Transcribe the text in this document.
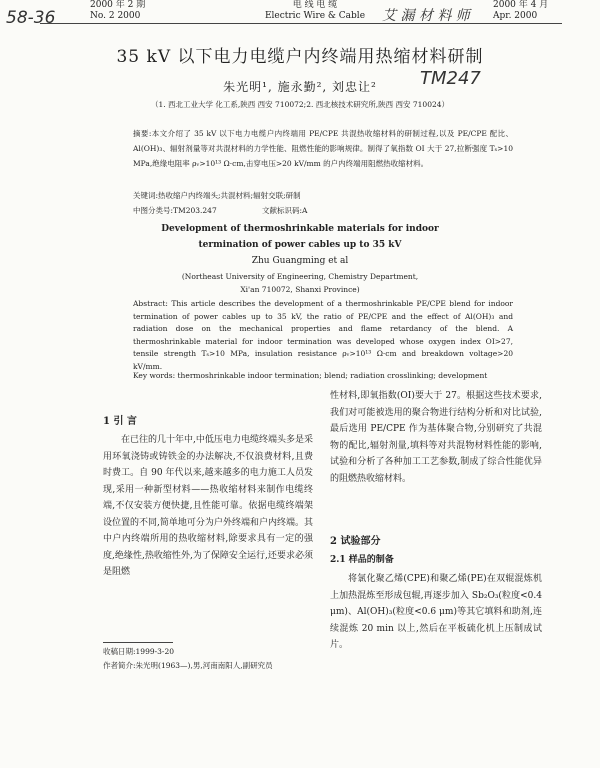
2000 年 2 期
No. 2 2000
电 线 电 缆
Electric Wire & Cable
2000 年 4 月
Apr. 2000
58-36	艾 漏 材 料 师
35 kV 以下电力电缆户内终端用热缩材料研制
朱光明¹, 施永勤², 刘忠让²	TM247
（1. 西北工业大学 化工系,陕西 西安 710072;2. 西北核技术研究所,陕西 西安 710024）
摘要:本文介绍了 35 kV 以下电力电缆户内终端用 PE/CPE 共混热收缩材料的研制过程,以及 PE/CPE 配比、Al(OH)₃、辐射剂量等对共混材料的力学性能、阻燃性能的影响规律。制得了氧指数 OI 大于 27,拉断强度 Tₛ>10 MPa,绝缘电阻率 ρᵥ>10¹³ Ω·cm,击穿电压>20 kV/mm 的户内终端用阻燃热收缩材料。
关键词:热收缩户内终端头;共混材料;辐射交联;研制
中图分类号:TM203.247	文献标识码:A
Development of thermoshrinkable materials for indoor
termination of power cables up to 35 kV
Zhu Guangming et al
(Northeast University of Engineering, Chemistry Department,
Xi'an 710072, Shanxi Province)
Abstract: This article describes the development of a thermoshrinkable PE/CPE blend for indoor termination of power cables up to 35 kV, the ratio of PE/CPE and the effect of Al(OH)₃ and radiation dose on the mechanical properties and flame retardancy of the blend. A thermoshrinkable material for indoor termination was developed whose oxygen index OI>27, tensile strength Tₛ>10 MPa, insulation resistance ρᵥ>10¹³ Ω·cm and breakdown voltage>20 kV/mm.
Key words: thermoshrinkable indoor termination; blend; radiation crosslinking; development
1 引 言
在已往的几十年中,中低压电力电缆终端头多是采用环氧浇铸或铸铁金的办法解决,不仅浪费材料,且费时费工。自 90 年代以来,越来越多的电力施工人员发现,采用一种新型材料——热收缩材料来制作电缆终端,不仅安装方便快捷,且性能可靠。依据电缆终端架设位置的不同,简单地可分为户外终端和户内终端。其中户内终端所用的热收缩材料,除要求具有一定的强度,绝缘性,热收缩性外,为了保障安全运行,还要求必须是阻燃
收稿日期:1999-3-20
作者简介:朱光明(1963—),男,河南南阳人,副研究员
性材料,即氧指数(OI)要大于 27。根据这些技术要求,我们对可能被选用的聚合物进行结构分析和对比试验,最后选用 PE/CPE 作为基体聚合物,分别研究了共混物的配比,辐射剂量,填料等对共混物材料性能的影响,试验和分析了各种加工工艺参数,制成了综合性能优异的阻燃热收缩材料。
2 试验部分
2.1 样品的制备
将氯化聚乙烯(CPE)和聚乙烯(PE)在双辊混炼机上加热混炼至形成包辊,再逐步加入 Sb₂O₃(粒度<0.4 μm)、Al(OH)₃(粒度<0.6 μm)等其它填料和助剂,连续混炼 20 min 以上,然后在平板硫化机上压制成试片。
